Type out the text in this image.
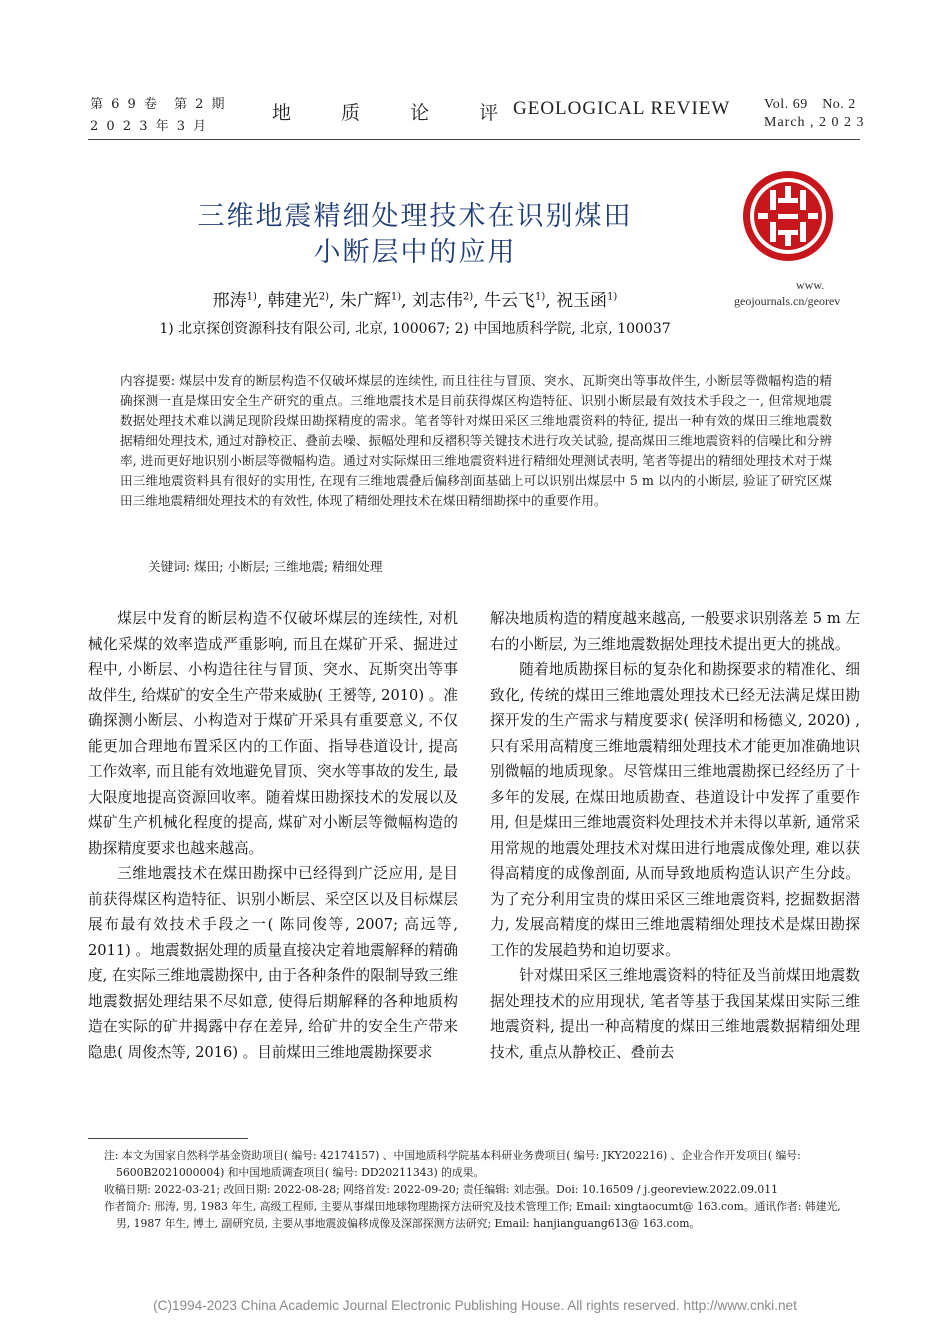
第 6 9 卷　第 2 期
2 0 2 3 年 3 月
地 质 论 评
GEOLOGICAL REVIEW Vol. 69　No. 2
March , 2 0 2 3
www.
geojournals.cn/georev
三维地震精细处理技术在识别煤田
小断层中的应用
邢涛$^{1)}$, 韩建光$^{2)}$, 朱广辉$^{1)}$, 刘志伟$^{2)}$, 牛云飞$^{1)}$, 祝玉函$^{1)}$
1) 北京探创资源科技有限公司, 北京, 100067; 2) 中国地质科学院, 北京, 100037
内容提要: 煤层中发育的断层构造不仅破坏煤层的连续性, 而且往往与冒顶、突水、瓦斯突出等事故伴生, 小断层等微幅构造的精确探测一直是煤田安全生产研究的重点。三维地震技术是目前获得煤区构造特征、识别小断层最有效技术手段之一, 但常规地震数据处理技术难以满足现阶段煤田勘探精度的需求。笔者等针对煤田采区三维地震资料的特征, 提出一种有效的煤田三维地震数据精细处理技术, 通过对静校正、叠前去噪、振幅处理和反褶积等关键技术进行攻关试验, 提高煤田三维地震资料的信噪比和分辨率, 进而更好地识别小断层等微幅构造。通过对实际煤田三维地震资料进行精细处理测试表明, 笔者等提出的精细处理技术对于煤田三维地震资料具有很好的实用性, 在现有三维地震叠后偏移剖面基础上可以识别出煤层中 5 m 以内的小断层, 验证了研究区煤田三维地震精细处理技术的有效性, 体现了精细处理技术在煤田精细勘探中的重要作用。
关键词: 煤田; 小断层; 三维地震; 精细处理

煤层中发育的断层构造不仅破坏煤层的连续性, 对机械化采煤的效率造成严重影响, 而且在煤矿开采、掘进过程中, 小断层、小构造往往与冒顶、突水、瓦斯突出等事故伴生, 给煤矿的安全生产带来威胁( 王赟等, 2010) 。准确探测小断层、小构造对于煤矿开采具有重要意义, 不仅能更加合理地布置采区内的工作面、指导巷道设计, 提高工作效率, 而且能有效地避免冒顶、突水等事故的发生, 最大限度地提高资源回收率。随着煤田勘探技术的发展以及煤矿生产机械化程度的提高, 煤矿对小断层等微幅构造的勘探精度要求也越来越高。

三维地震技术在煤田勘探中已经得到广泛应用, 是目前获得煤区构造特征、识别小断层、采空区以及目标煤层展布最有效技术手段之一( 陈同俊等, 2007; 高远等, 2011) 。地震数据处理的质量直接决定着地震解释的精确度, 在实际三维地震勘探中, 由于各种条件的限制导致三维地震数据处理结果不尽如意, 使得后期解释的各种地质构造在实际的矿井揭露中存在差异, 给矿井的安全生产带来隐患( 周俊杰等, 2016) 。目前煤田三维地震勘探要求

解决地质构造的精度越来越高, 一般要求识别落差 5 m 左右的小断层, 为三维地震数据处理技术提出更大的挑战。

随着地质勘探目标的复杂化和勘探要求的精准化、细致化, 传统的煤田三维地震处理技术已经无法满足煤田勘探开发的生产需求与精度要求( 侯泽明和杨德义, 2020) , 只有采用高精度三维地震精细处理技术才能更加准确地识别微幅的地质现象。尽管煤田三维地震勘探已经经历了十多年的发展, 在煤田地质勘查、巷道设计中发挥了重要作用, 但是煤田三维地震资料处理技术并未得以革新, 通常采用常规的地震处理技术对煤田进行地震成像处理, 难以获得高精度的成像剖面, 从而导致地质构造认识产生分歧。为了充分利用宝贵的煤田采区三维地震资料, 挖掘数据潜力, 发展高精度的煤田三维地震精细处理技术是煤田勘探工作的发展趋势和迫切要求。

针对煤田采区三维地震资料的特征及当前煤田地震数据处理技术的应用现状, 笔者等基于我国某煤田实际三维地震资料, 提出一种高精度的煤田三维地震数据精细处理技术, 重点从静校正、叠前去

注: 本文为国家自然科学基金资助项目( 编号: 42174157) 、中国地质科学院基本科研业务费项目( 编号: JKY202216) 、企业合作开发项目( 编号: 5600B2021000004) 和中国地质调查项目( 编号: DD20211343) 的成果。
收稿日期: 2022-03-21; 改回日期: 2022-08-28; 网络首发: 2022-09-20; 责任编辑: 刘志强。Doi: 10.16509 / j.georeview.2022.09.011
作者简介: 邢涛, 男, 1983 年生, 高级工程师, 主要从事煤田地球物理勘探方法研究及技术管理工作; Email: xingtaocumt@ 163.com。通讯作者: 韩建光, 男, 1987 年生, 博士, 副研究员, 主要从事地震波偏移成像及深部探测方法研究; Email: hanjianguang613@ 163.com。
(C)1994-2023 China Academic Journal Electronic Publishing House. All rights reserved. http://www.cnki.net
